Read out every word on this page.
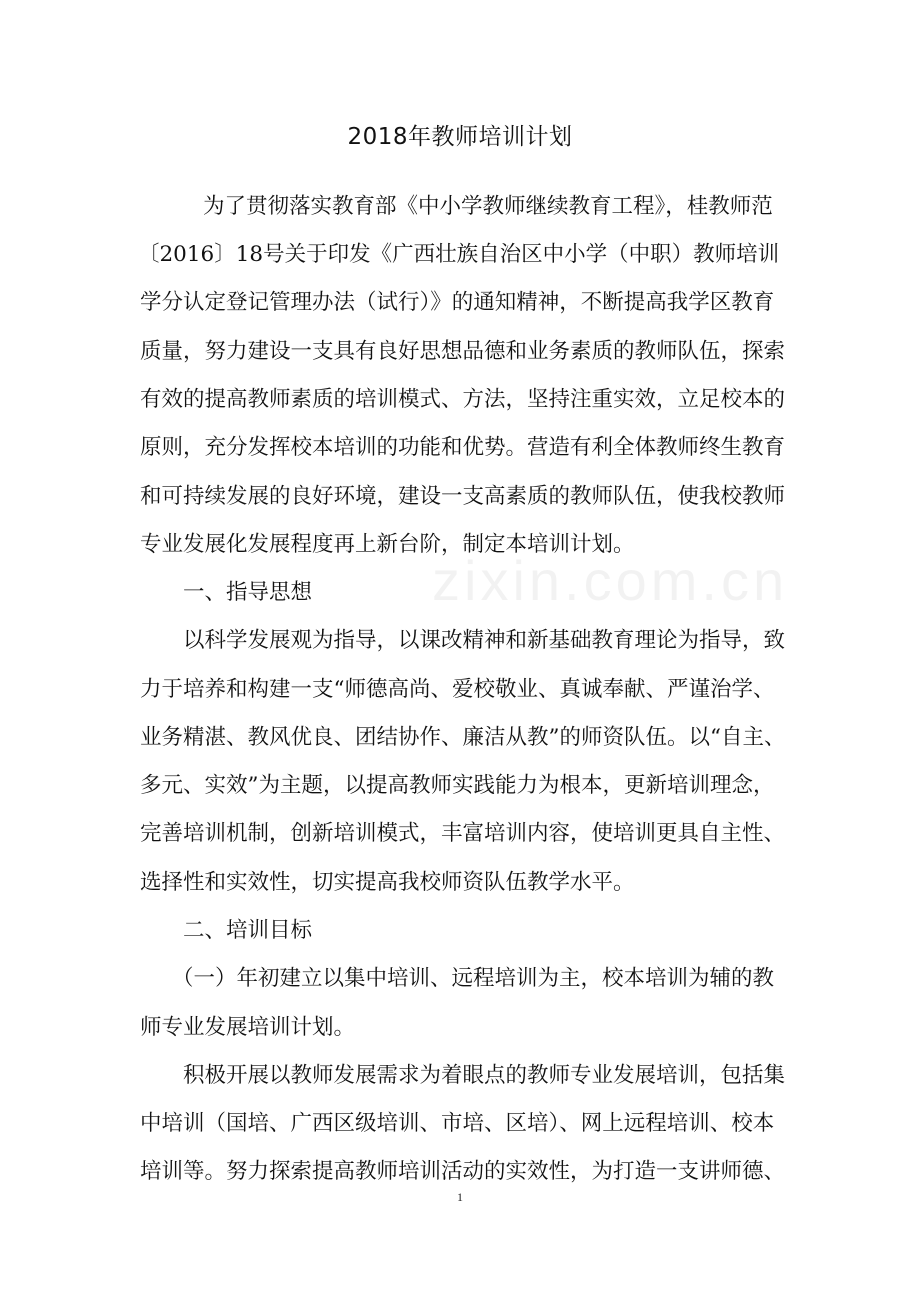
zixin.com.cn
2018年教师培训计划
为了贯彻落实教育部《中小学教师继续教育工程》，桂教师范
〔2016〕18号关于印发《广西壮族自治区中小学（中职）教师培训
学分认定登记管理办法（试行）》的通知精神，不断提高我学区教育
质量，努力建设一支具有良好思想品德和业务素质的教师队伍，探索
有效的提高教师素质的培训模式、方法，坚持注重实效，立足校本的
原则，充分发挥校本培训的功能和优势。营造有利全体教师终生教育
和可持续发展的良好环境，建设一支高素质的教师队伍，使我校教师
专业发展化发展程度再上新台阶，制定本培训计划。
一、指导思想
以科学发展观为指导，以课改精神和新基础教育理论为指导，致
力于培养和构建一支“师德高尚、爱校敬业、真诚奉献、严谨治学、
业务精湛、教风优良、团结协作、廉洁从教”的师资队伍。以“自主、
多元、实效”为主题，以提高教师实践能力为根本，更新培训理念，
完善培训机制，创新培训模式，丰富培训内容，使培训更具自主性、
选择性和实效性，切实提高我校师资队伍教学水平。
二、培训目标
（一）年初建立以集中培训、远程培训为主，校本培训为辅的教
师专业发展培训计划。
积极开展以教师发展需求为着眼点的教师专业发展培训，包括集
中培训（国培、广西区级培训、市培、区培）、网上远程培训、校本
培训等。努力探索提高教师培训活动的实效性，为打造一支讲师德、
1
